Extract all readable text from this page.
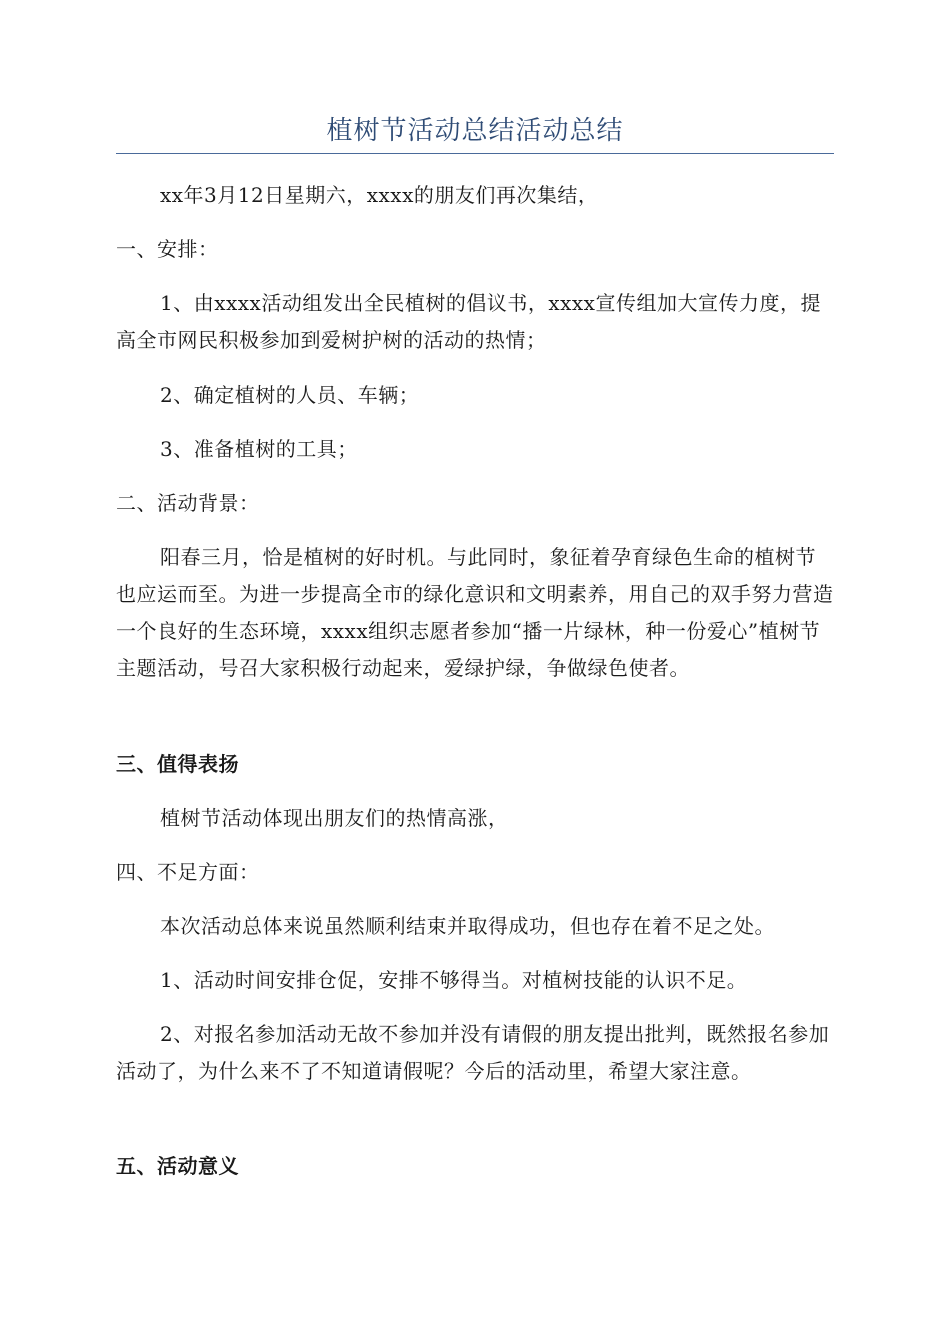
植树节活动总结活动总结

xx年3月12日星期六，xxxx的朋友们再次集结，

一、安排：

1、由xxxx活动组发出全民植树的倡议书，xxxx宣传组加大宣传力度，提高全市网民积极参加到爱树护树的活动的热情；

2、确定植树的人员、车辆；

3、准备植树的工具；

二、活动背景：

阳春三月，恰是植树的好时机。与此同时，象征着孕育绿色生命的植树节也应运而至。为进一步提高全市的绿化意识和文明素养，用自己的双手努力营造一个良好的生态环境，xxxx组织志愿者参加“播一片绿林，种一份爱心”植树节主题活动，号召大家积极行动起来，爱绿护绿，争做绿色使者。

三、值得表扬

植树节活动体现出朋友们的热情高涨，

四、不足方面：

本次活动总体来说虽然顺利结束并取得成功，但也存在着不足之处。

1、活动时间安排仓促，安排不够得当。对植树技能的认识不足。

2、对报名参加活动无故不参加并没有请假的朋友提出批判，既然报名参加活动了，为什么来不了不知道请假呢？今后的活动里，希望大家注意。

五、活动意义
